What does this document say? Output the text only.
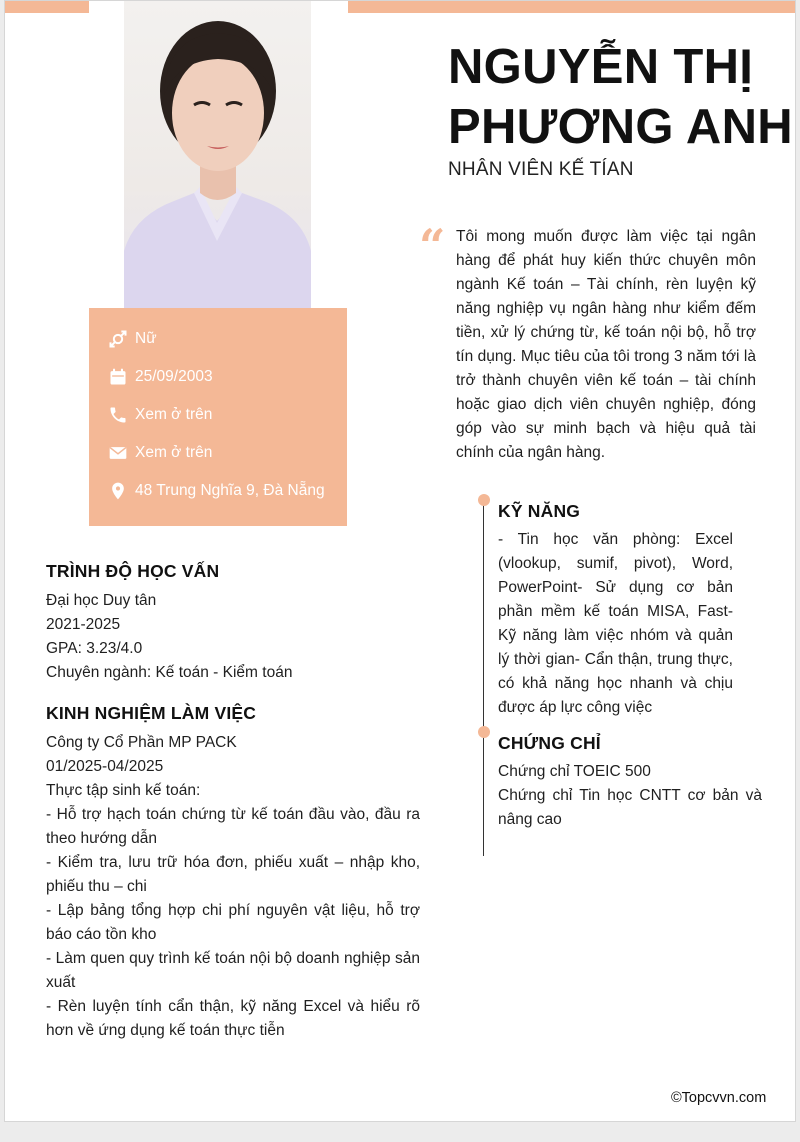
Nữ
25/09/2003
Xem ở trên
Xem ở trên
48 Trung Nghĩa 9, Đà Nẵng
NGUYỄN THỊ
PHƯƠNG ANH
NHÂN VIÊN KẾ TÍAN
“ Tôi mong muốn được làm việc tại ngân hàng để phát huy kiến thức chuyên môn ngành Kế toán – Tài chính, rèn luyện kỹ năng nghiệp vụ ngân hàng như kiểm đếm tiền, xử lý chứng từ, kế toán nội bộ, hỗ trợ tín dụng. Mục tiêu của tôi trong 3 năm tới là trở thành chuyên viên kế toán – tài chính hoặc giao dịch viên chuyên nghiệp, đóng góp vào sự minh bạch và hiệu quả tài chính của ngân hàng.
KỸ NĂNG
- Tin học văn phòng: Excel (vlookup, sumif, pivot), Word, PowerPoint- Sử dụng cơ bản phần mềm kế toán MISA, Fast- Kỹ năng làm việc nhóm và quản lý thời gian- Cẩn thận, trung thực, có khả năng học nhanh và chịu được áp lực công việc
CHỨNG CHỈ
Chứng chỉ TOEIC 500
Chứng chỉ Tin học CNTT cơ bản và nâng cao
TRÌNH ĐỘ HỌC VẤN
Đại học Duy tân
2021-2025
GPA: 3.23/4.0
Chuyên ngành: Kế toán - Kiểm toán
KINH NGHIỆM LÀM VIỆC
Công ty Cổ Phần MP PACK
01/2025-04/2025
Thực tập sinh kế toán:
- Hỗ trợ hạch toán chứng từ kế toán đầu vào, đầu ra theo hướng dẫn
- Kiểm tra, lưu trữ hóa đơn, phiếu xuất – nhập kho, phiếu thu – chi
- Lập bảng tổng hợp chi phí nguyên vật liệu, hỗ trợ báo cáo tồn kho
- Làm quen quy trình kế toán nội bộ doanh nghiệp sản xuất
- Rèn luyện tính cẩn thận, kỹ năng Excel và hiểu rõ hơn về ứng dụng kế toán thực tiễn
©Topcvvn.com
